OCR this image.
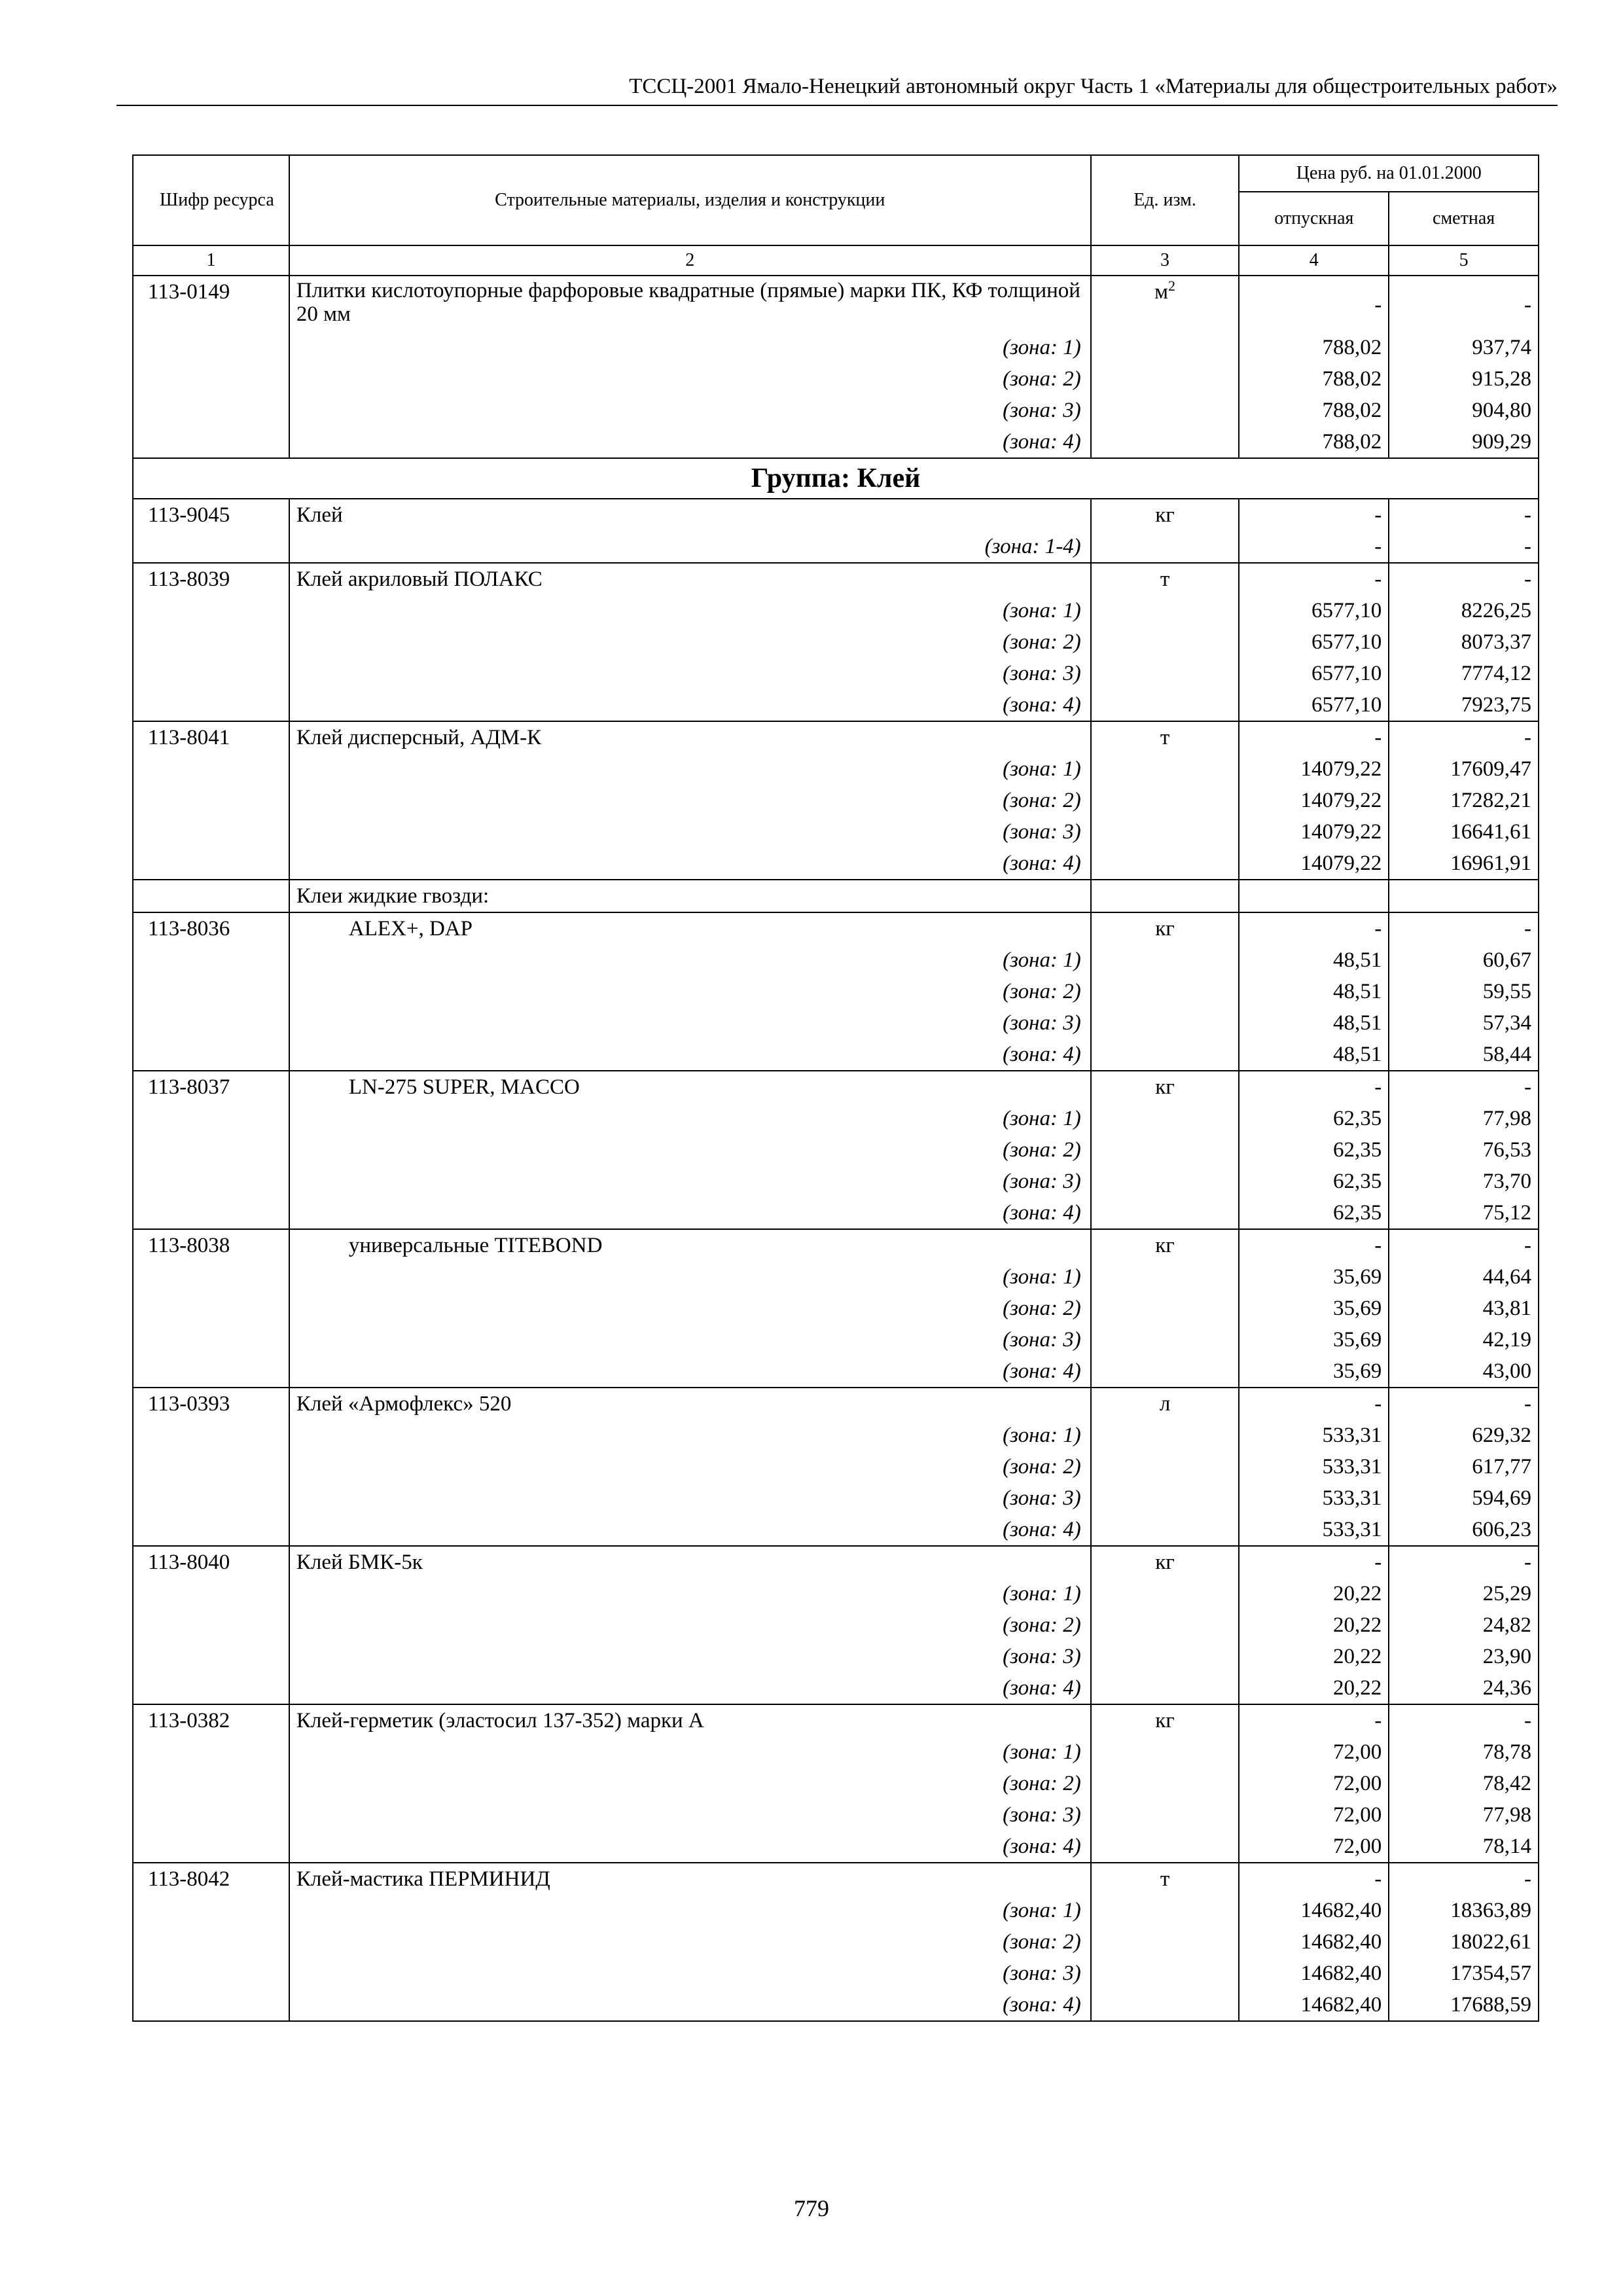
ТССЦ-2001 Ямало-Ненецкий автономный округ Часть 1 «Материалы для общестроительных работ»
Шифр ресурса	Строительные материалы, изделия и конструкции	Ед. изм.	Цена руб. на 01.01.2000	
			отпускная	сметная
1	2	3	4	5
113-0149	Плитки кислотоупорные фарфоровые квадратные (прямые) марки ПК, КФ толщиной 20 мм	$м^2$	-	-
	(зона: 1)		788,02	937,74
	(зона: 2)		788,02	915,28
	(зона: 3)		788,02	904,80
	(зона: 4)		788,02	909,29
Группа: Клей				
113-9045	Клей	кг	-	-
	(зона: 1-4)		-	-
113-8039	Клей акриловый ПОЛАКС	т	-	-
	(зона: 1)		6577,10	8226,25
	(зона: 2)		6577,10	8073,37
	(зона: 3)		6577,10	7774,12
	(зона: 4)		6577,10	7923,75
113-8041	Клей дисперсный, АДМ-К	т	-	-
	(зона: 1)		14079,22	17609,47
	(зона: 2)		14079,22	17282,21
	(зона: 3)		14079,22	16641,61
	(зона: 4)		14079,22	16961,91
	Клеи жидкие гвозди:			
113-8036	ALEX+, DAP	кг	-	-
	(зона: 1)		48,51	60,67
	(зона: 2)		48,51	59,55
	(зона: 3)		48,51	57,34
	(зона: 4)		48,51	58,44
113-8037	LN-275 SUPER, MACCO	кг	-	-
	(зона: 1)		62,35	77,98
	(зона: 2)		62,35	76,53
	(зона: 3)		62,35	73,70
	(зона: 4)		62,35	75,12
113-8038	универсальные TITEBOND	кг	-	-
	(зона: 1)		35,69	44,64
	(зона: 2)		35,69	43,81
	(зона: 3)		35,69	42,19
	(зона: 4)		35,69	43,00
113-0393	Клей «Армофлекс» 520	л	-	-
	(зона: 1)		533,31	629,32
	(зона: 2)		533,31	617,77
	(зона: 3)		533,31	594,69
	(зона: 4)		533,31	606,23
113-8040	Клей БМК-5к	кг	-	-
	(зона: 1)		20,22	25,29
	(зона: 2)		20,22	24,82
	(зона: 3)		20,22	23,90
	(зона: 4)		20,22	24,36
113-0382	Клей-герметик (эластосил 137-352) марки А	кг	-	-
	(зона: 1)		72,00	78,78
	(зона: 2)		72,00	78,42
	(зона: 3)		72,00	77,98
	(зона: 4)		72,00	78,14
113-8042	Клей-мастика ПЕРМИНИД	т	-	-
	(зона: 1)		14682,40	18363,89
	(зона: 2)		14682,40	18022,61
	(зона: 3)		14682,40	17354,57
	(зона: 4)		14682,40	17688,59
779
